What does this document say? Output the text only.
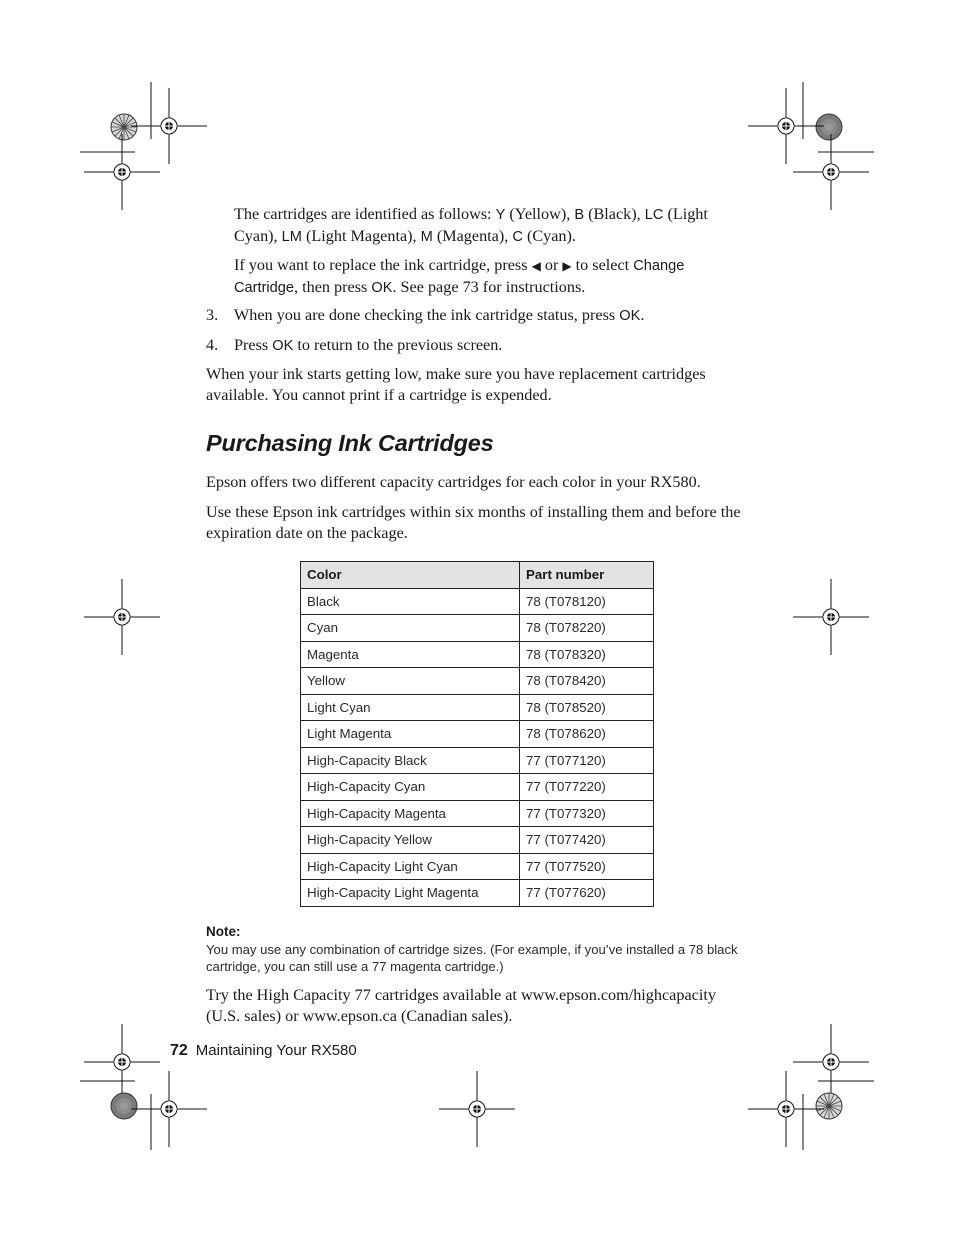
The cartridges are identified as follows: Y (Yellow), B (Black), LC (Light Cyan), LM (Light Magenta), M (Magenta), C (Cyan).

If you want to replace the ink cartridge, press ◀ or ▶ to select Change Cartridge, then press OK. See page 73 for instructions.

3. When you are done checking the ink cartridge status, press OK.

4. Press OK to return to the previous screen.

When your ink starts getting low, make sure you have replacement cartridges available. You cannot print if a cartridge is expended.

Purchasing Ink Cartridges

Epson offers two different capacity cartridges for each color in your RX580.

Use these Epson ink cartridges within six months of installing them and before the expiration date on the package.

Color	Part number
Black	78 (T078120)
Cyan	78 (T078220)
Magenta	78 (T078320)
Yellow	78 (T078420)
Light Cyan	78 (T078520)
Light Magenta	78 (T078620)
High-Capacity Black	77 (T077120)
High-Capacity Cyan	77 (T077220)
High-Capacity Magenta	77 (T077320)
High-Capacity Yellow	77 (T077420)
High-Capacity Light Cyan	77 (T077520)
High-Capacity Light Magenta	77 (T077620)
Note:
You may use any combination of cartridge sizes. (For example, if you’ve installed a 78 black cartridge, you can still use a 77 magenta cartridge.)

Try the High Capacity 77 cartridges available at www.epson.com/highcapacity (U.S. sales) or www.epson.ca (Canadian sales).

72 Maintaining Your RX580
